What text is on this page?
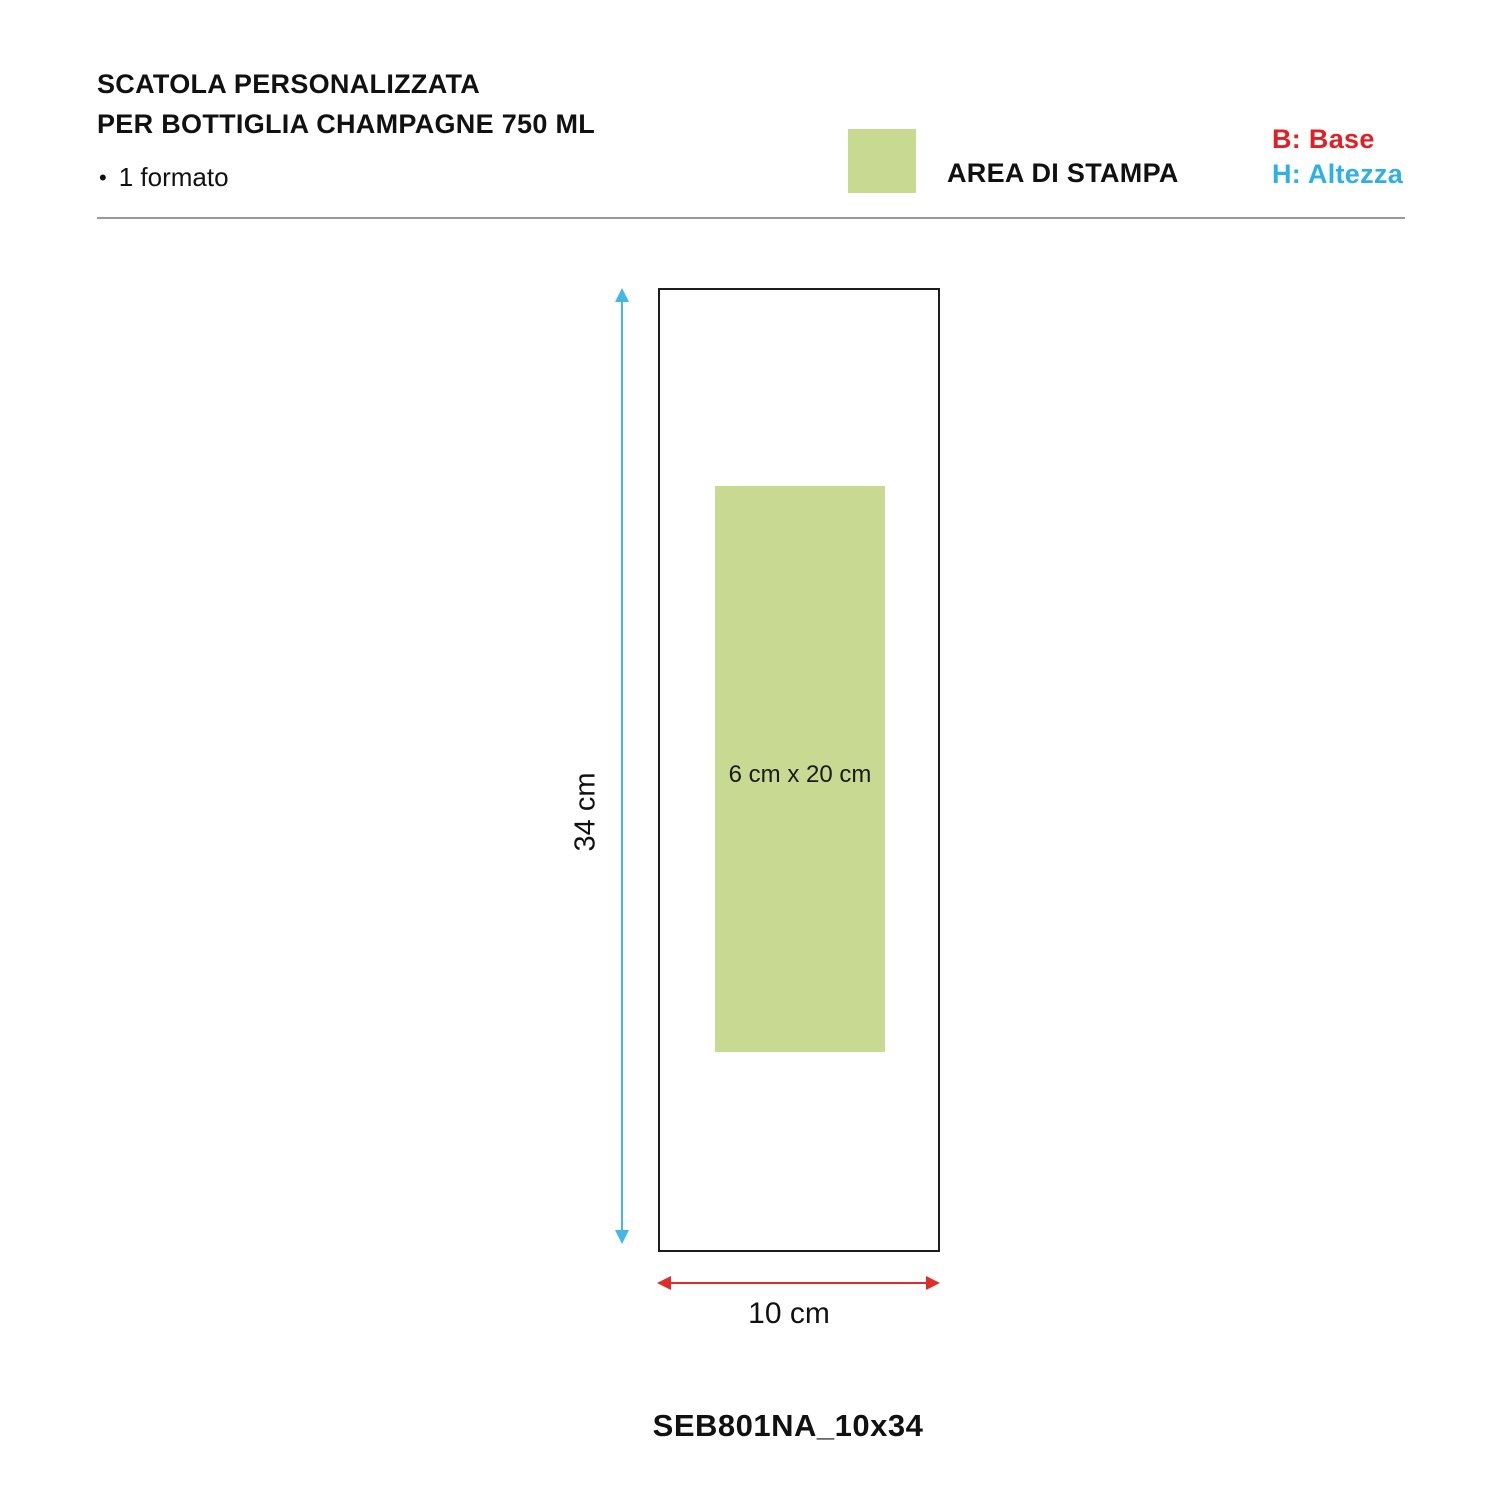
SCATOLA PERSONALIZZATA
PER BOTTIGLIA CHAMPAGNE 750 ML
• 1 formato	AREA DI STAMPA
B: Base
H: Altezza
6 cm x 20 cm
34 cm
10 cm
SEB801NA_10x34
